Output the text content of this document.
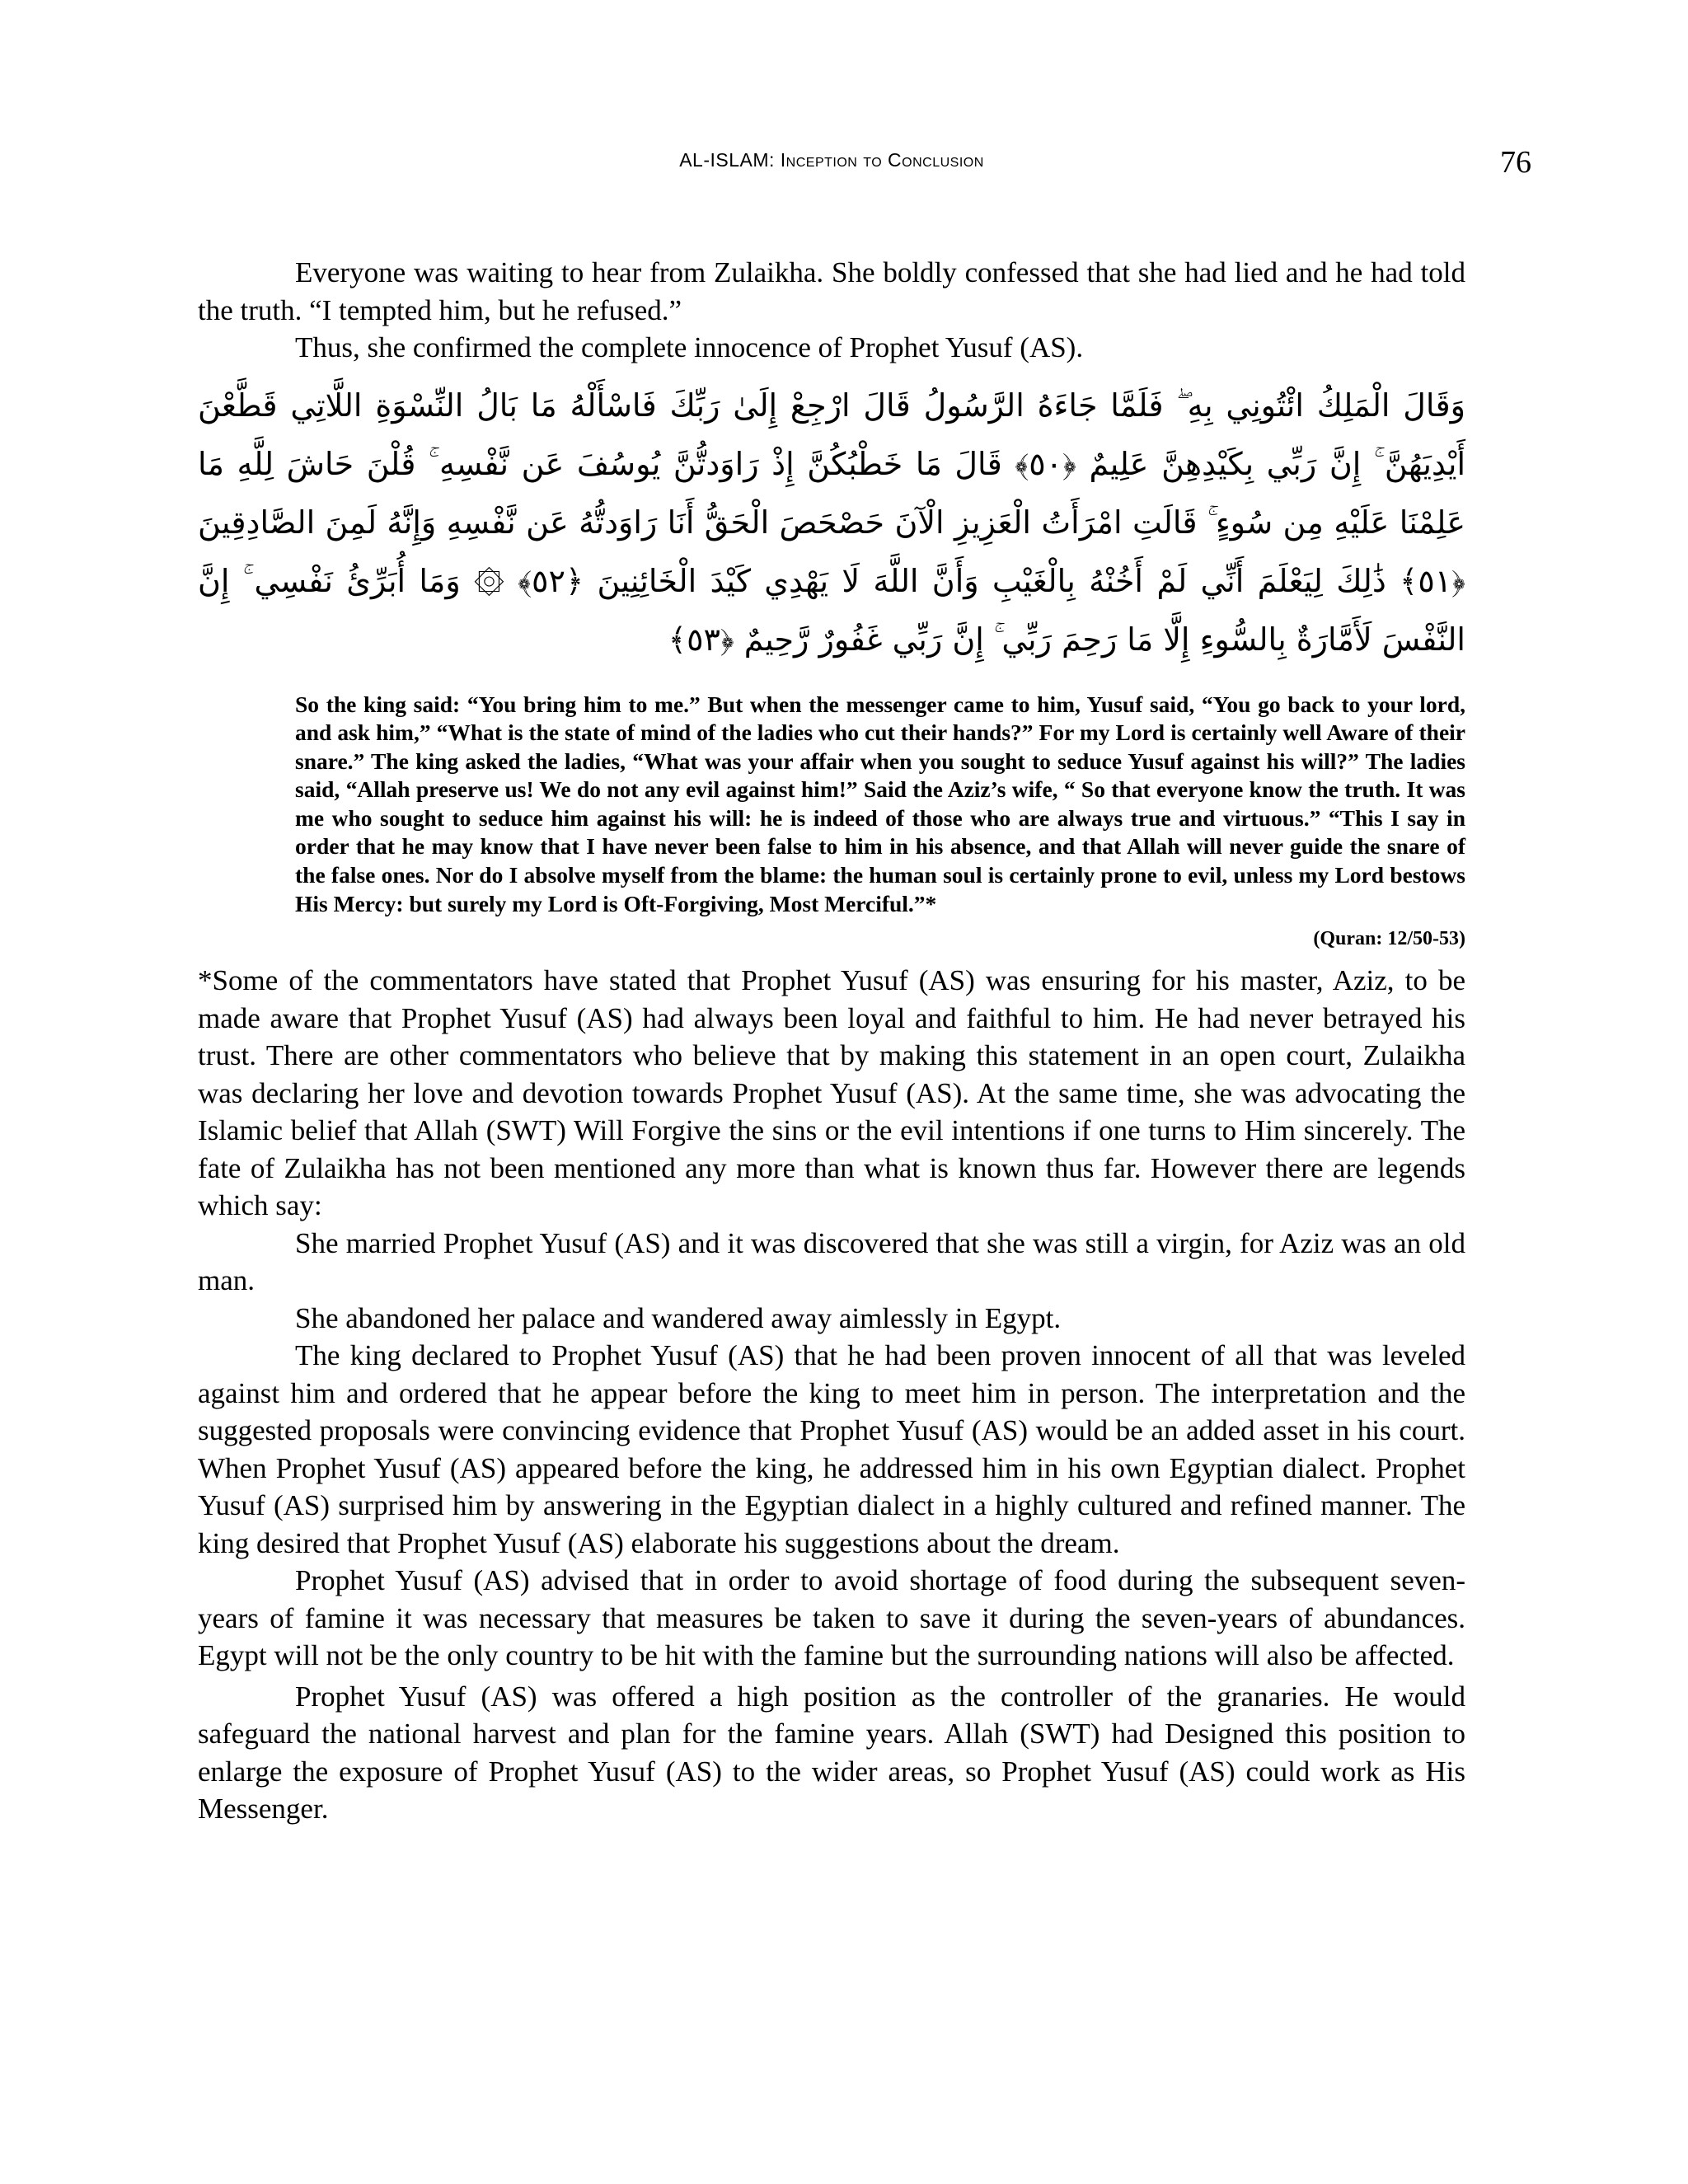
AL-ISLAM: Inception to Conclusion	76

Everyone was waiting to hear from Zulaikha. She boldly confessed that she had lied and he had told the truth. “I tempted him, but he refused.”

Thus, she confirmed the complete innocence of Prophet Yusuf (AS).

وَقَالَ الْمَلِكُ ائْتُونِي بِهِ ۖ فَلَمَّا جَاءَهُ الرَّسُولُ قَالَ ارْجِعْ إِلَىٰ رَبِّكَ فَاسْأَلْهُ مَا بَالُ النِّسْوَةِ اللَّاتِي قَطَّعْنَ أَيْدِيَهُنَّ ۚ إِنَّ رَبِّي بِكَيْدِهِنَّ عَلِيمٌ ﴿٥٠﴾ قَالَ مَا خَطْبُكُنَّ إِذْ رَاوَدتُّنَّ يُوسُفَ عَن نَّفْسِهِ ۚ قُلْنَ حَاشَ لِلَّهِ مَا عَلِمْنَا عَلَيْهِ مِن سُوءٍ ۚ قَالَتِ امْرَأَتُ الْعَزِيزِ الْآنَ حَصْحَصَ الْحَقُّ أَنَا رَاوَدتُّهُ عَن نَّفْسِهِ وَإِنَّهُ لَمِنَ الصَّادِقِينَ ﴿٥١﴾ ذَٰلِكَ لِيَعْلَمَ أَنِّي لَمْ أَخُنْهُ بِالْغَيْبِ وَأَنَّ اللَّهَ لَا يَهْدِي كَيْدَ الْخَائِنِينَ ﴿٥٢﴾ ۞ وَمَا أُبَرِّئُ نَفْسِي ۚ إِنَّ النَّفْسَ لَأَمَّارَةٌ بِالسُّوءِ إِلَّا مَا رَحِمَ رَبِّي ۚ إِنَّ رَبِّي غَفُورٌ رَّحِيمٌ ﴿٥٣﴾

So the king said: “You bring him to me.” But when the messenger came to him, Yusuf said, “You go back to your lord, and ask him,” “What is the state of mind of the ladies who cut their hands?” For my Lord is certainly well Aware of their snare.” The king asked the ladies, “What was your affair when you sought to seduce Yusuf against his will?” The ladies said, “Allah preserve us! We do not any evil against him!” Said the Aziz’s wife, “ So that everyone know the truth. It was me who sought to seduce him against his will: he is indeed of those who are always true and virtuous.” “This I say in order that he may know that I have never been false to him in his absence, and that Allah will never guide the snare of the false ones. Nor do I absolve myself from the blame: the human soul is certainly prone to evil, unless my Lord bestows His Mercy: but surely my Lord is Oft-Forgiving, Most Merciful.”*

(Quran: 12/50-53)

*Some of the commentators have stated that Prophet Yusuf (AS) was ensuring for his master, Aziz, to be made aware that Prophet Yusuf (AS) had always been loyal and faithful to him. He had never betrayed his trust. There are other commentators who believe that by making this statement in an open court, Zulaikha was declaring her love and devotion towards Prophet Yusuf (AS). At the same time, she was advocating the Islamic belief that Allah (SWT) Will Forgive the sins or the evil intentions if one turns to Him sincerely. The fate of Zulaikha has not been mentioned any more than what is known thus far. However there are legends which say:

She married Prophet Yusuf (AS) and it was discovered that she was still a virgin, for Aziz was an old man.

She abandoned her palace and wandered away aimlessly in Egypt.

The king declared to Prophet Yusuf (AS) that he had been proven innocent of all that was leveled against him and ordered that he appear before the king to meet him in person. The interpretation and the suggested proposals were convincing evidence that Prophet Yusuf (AS) would be an added asset in his court. When Prophet Yusuf (AS) appeared before the king, he addressed him in his own Egyptian dialect. Prophet Yusuf (AS) surprised him by answering in the Egyptian dialect in a highly cultured and refined manner. The king desired that Prophet Yusuf (AS) elaborate his suggestions about the dream.

Prophet Yusuf (AS) advised that in order to avoid shortage of food during the subsequent seven-years of famine it was necessary that measures be taken to save it during the seven-years of abundances. Egypt will not be the only country to be hit with the famine but the surrounding nations will also be affected.

Prophet Yusuf (AS) was offered a high position as the controller of the granaries. He would safeguard the national harvest and plan for the famine years. Allah (SWT) had Designed this position to enlarge the exposure of Prophet Yusuf (AS) to the wider areas, so Prophet Yusuf (AS) could work as His Messenger.
